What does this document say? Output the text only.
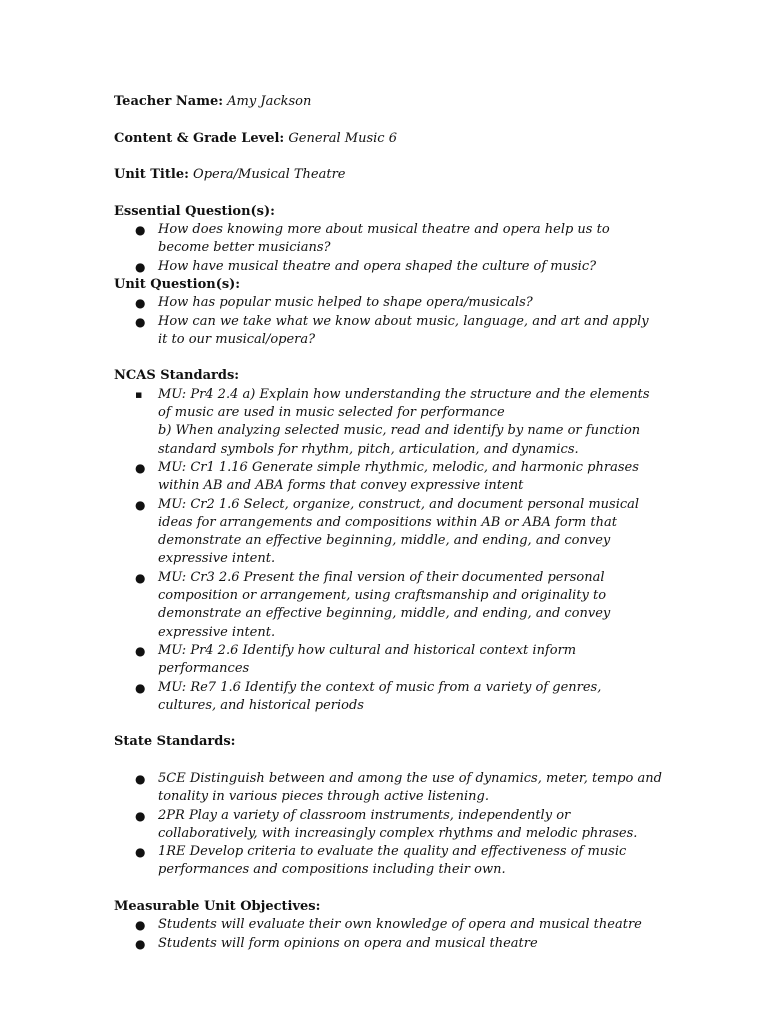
Teacher Name: Amy Jackson
Content & Grade Level: General Music 6
Unit Title: Opera/Musical Theatre
Essential Question(s):
● How does knowing more about musical theatre and opera help us to become better musicians?
● How have musical theatre and opera shaped the culture of music?
Unit Question(s):
● How has popular music helped to shape opera/musicals?
● How can we take what we know about music, language, and art and apply it to our musical/opera?
NCAS Standards:
▪ MU: Pr4 2.4 a) Explain how understanding the structure and the elements of music are used in music selected for performance
b) When analyzing selected music, read and identify by name or function standard symbols for rhythm, pitch, articulation, and dynamics.
● MU: Cr1 1.16 Generate simple rhythmic, melodic, and harmonic phrases within AB and ABA forms that convey expressive intent
● MU: Cr2 1.6 Select, organize, construct, and document personal musical ideas for arrangements and compositions within AB or ABA form that demonstrate an effective beginning, middle, and ending, and convey expressive intent.
● MU: Cr3 2.6 Present the final version of their documented personal composition or arrangement, using craftsmanship and originality to demonstrate an effective beginning, middle, and ending, and convey expressive intent.
● MU: Pr4 2.6 Identify how cultural and historical context inform performances
● MU: Re7 1.6 Identify the context of music from a variety of genres, cultures, and historical periods
State Standards:
● 5CE Distinguish between and among the use of dynamics, meter, tempo and tonality in various pieces through active listening.
● 2PR Play a variety of classroom instruments, independently or collaboratively, with increasingly complex rhythms and melodic phrases.
● 1RE Develop criteria to evaluate the quality and effectiveness of music performances and compositions including their own.
Measurable Unit Objectives:
● Students will evaluate their own knowledge of opera and musical theatre
● Students will form opinions on opera and musical theatre
